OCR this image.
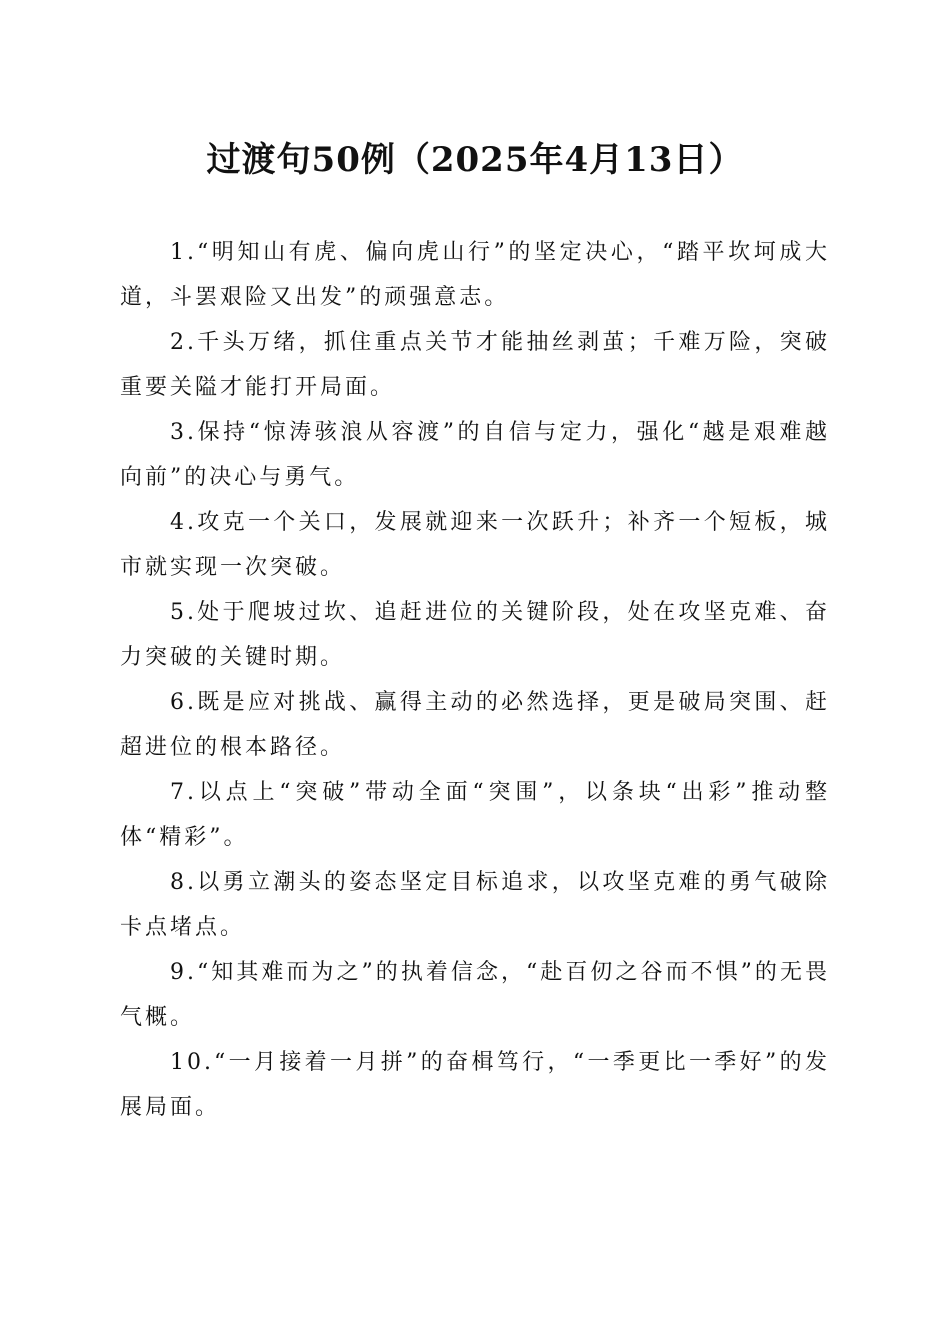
过渡句50例（2025年4月13日）

1.“明知山有虎、偏向虎山行”的坚定决心，“踏平坎坷成大道，斗罢艰险又出发”的顽强意志。

2.千头万绪，抓住重点关节才能抽丝剥茧；千难万险，突破重要关隘才能打开局面。

3.保持“惊涛骇浪从容渡”的自信与定力，强化“越是艰难越向前”的决心与勇气。

4.攻克一个关口，发展就迎来一次跃升；补齐一个短板，城市就实现一次突破。

5.处于爬坡过坎、追赶进位的关键阶段，处在攻坚克难、奋力突破的关键时期。

6.既是应对挑战、赢得主动的必然选择，更是破局突围、赶超进位的根本路径。

7.以点上“突破”带动全面“突围”，以条块“出彩”推动整体“精彩”。

8.以勇立潮头的姿态坚定目标追求，以攻坚克难的勇气破除卡点堵点。

9.“知其难而为之”的执着信念，“赴百仞之谷而不惧”的无畏气概。

10.“一月接着一月拼”的奋楫笃行，“一季更比一季好”的发展局面。
